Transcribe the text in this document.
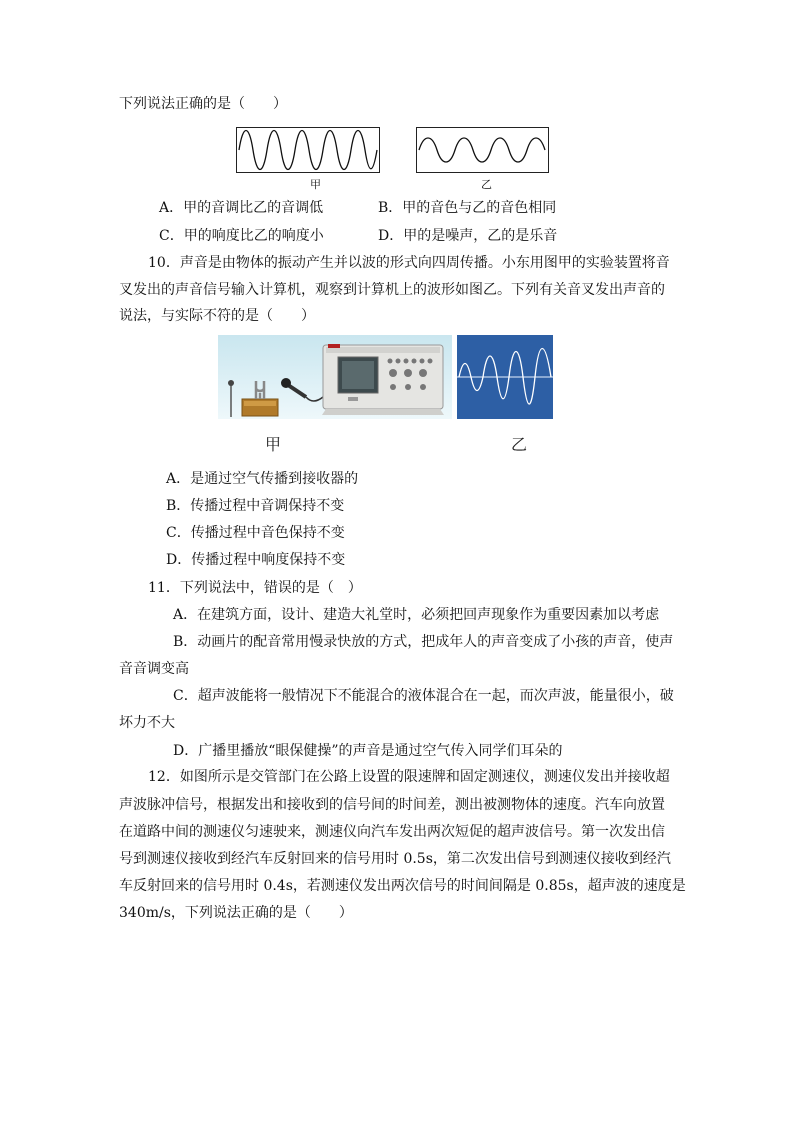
下列说法正确的是（　　）
甲	乙
A．甲的音调比乙的音调低	B．甲的音色与乙的音色相同
C．甲的响度比乙的响度小	D．甲的是噪声，乙的是乐音
10．声音是由物体的振动产生并以波的形式向四周传播。小东用图甲的实验装置将音
叉发出的声音信号输入计算机，观察到计算机上的波形如图乙。下列有关音叉发出声音的
说法，与实际不符的是（　　）
甲	乙
A．是通过空气传播到接收器的
B．传播过程中音调保持不变
C．传播过程中音色保持不变
D．传播过程中响度保持不变
11．下列说法中，错误的是（　）
A．在建筑方面，设计、建造大礼堂时，必须把回声现象作为重要因素加以考虑
B．动画片的配音常用慢录快放的方式，把成年人的声音变成了小孩的声音，使声
音音调变高
C．超声波能将一般情况下不能混合的液体混合在一起，而次声波，能量很小，破
坏力不大
D．广播里播放“眼保健操”的声音是通过空气传入同学们耳朵的
12．如图所示是交管部门在公路上设置的限速牌和固定测速仪，测速仪发出并接收超
声波脉冲信号，根据发出和接收到的信号间的时间差，测出被测物体的速度。汽车向放置
在道路中间的测速仪匀速驶来，测速仪向汽车发出两次短促的超声波信号。第一次发出信
号到测速仪接收到经汽车反射回来的信号用时 0.5s，第二次发出信号到测速仪接收到经汽
车反射回来的信号用时 0.4s，若测速仪发出两次信号的时间间隔是 0.85s，超声波的速度是
340m/s，下列说法正确的是（　　）
